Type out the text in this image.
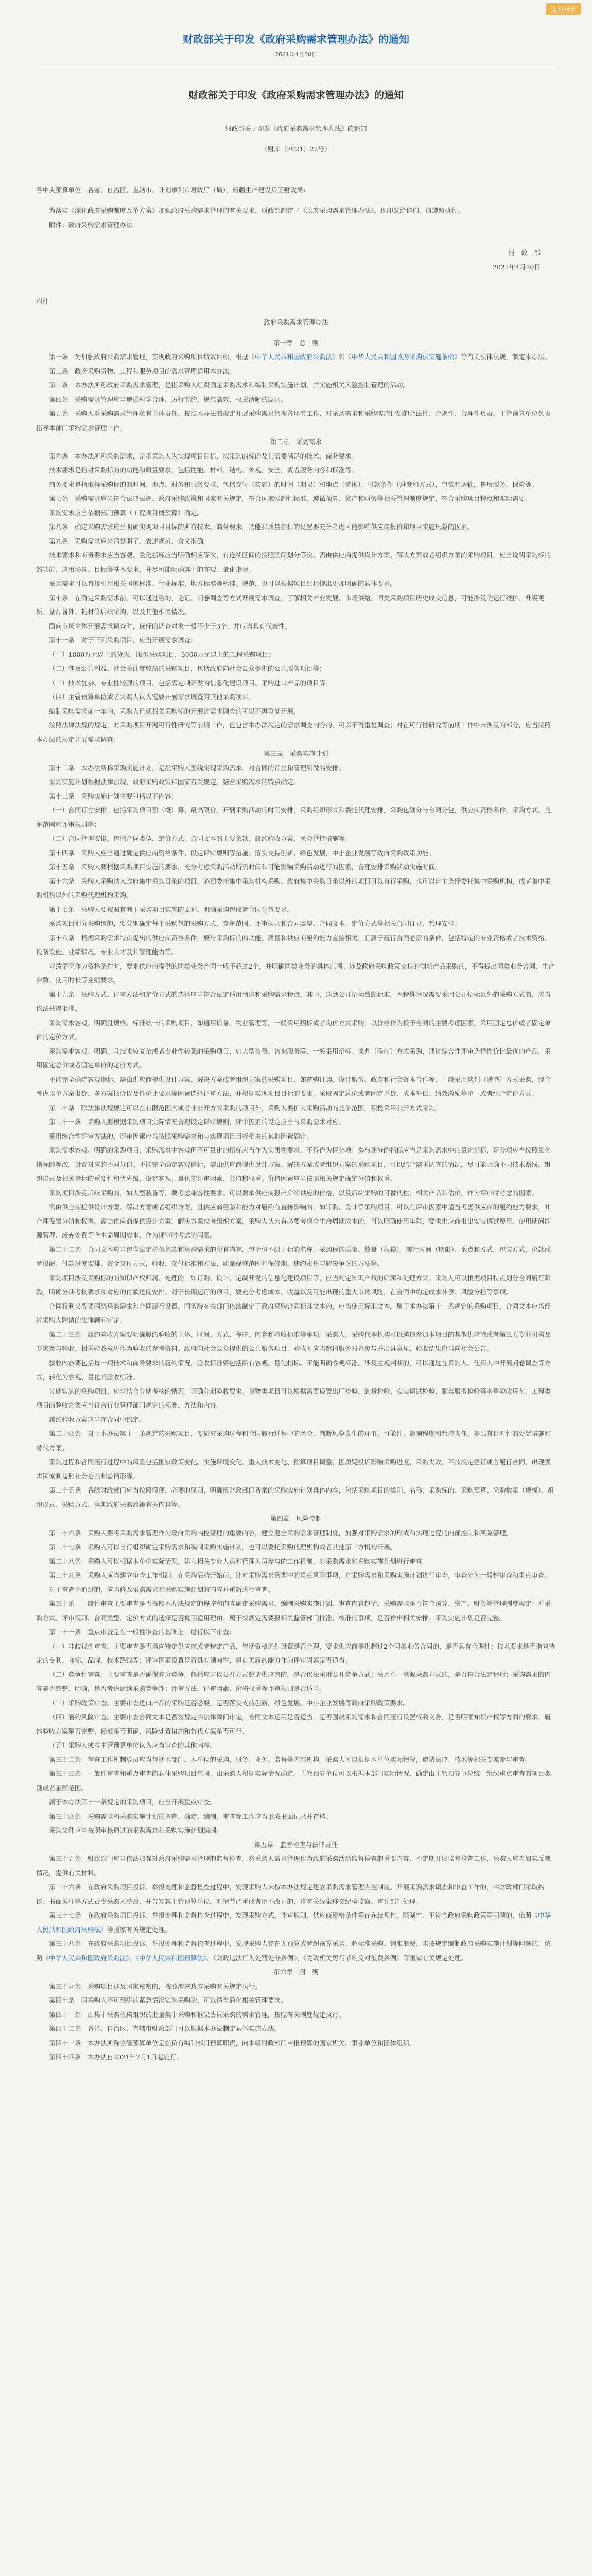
返回列表
财政部关于印发《政府采购需求管理办法》的通知
2021年4月30日
财政部关于印发《政府采购需求管理办法》的通知

财政部关于印发《政府采购需求管理办法》的通知

（财库〔2021〕22号）

各中央预算单位，各省、自治区、直辖市、计划单列市财政厅（局），新疆生产建设兵团财政局：

为落实《深化政府采购制度改革方案》加强政府采购需求管理的有关要求，财政部制定了《政府采购需求管理办法》。现印发给你们，请遵照执行。

附件：政府采购需求管理办法

财　政　部

2021年4月30日

附件

政府采购需求管理办法

第一章　总　则

第一条　为加强政府采购需求管理，实现政府采购项目绩效目标，根据《中华人民共和国政府采购法》和《中华人民共和国政府采购法实施条例》等有关法律法规，制定本办法。

第二条　政府采购货物、工程和服务项目的需求管理适用本办法。

第三条　本办法所称政府采购需求管理，是指采购人组织确定采购需求和编制采购实施计划，并实施相关风险控制管理的活动。

第四条　采购需求管理应当遵循科学合理、厉行节约、规范高效、权责清晰的原则。

第五条　采购人对采购需求管理负有主体责任，按照本办法的规定开展采购需求管理各环节工作，对采购需求和采购实施计划的合法性、合规性、合理性负责。主管预算单位负责指导本部门采购需求管理工作。

第二章　采购需求

第六条　本办法所称采购需求，是指采购人为实现项目目标，拟采购的标的及其需要满足的技术、商务要求。

技术要求是指对采购标的的功能和质量要求，包括性能、材料、结构、外观、安全，或者服务内容和标准等。

商务要求是指取得采购标的的时间、地点、财务和服务要求，包括交付（实施）的时间（期限）和地点（范围），付款条件（进度和方式），包装和运输，售后服务，保险等。

第七条　采购需求应当符合法律法规、政府采购政策和国家有关规定，符合国家强制性标准，遵循预算、资产和财务等相关管理制度规定，符合采购项目特点和实际需要。

采购需求应当依据部门预算（工程项目概预算）确定。

第八条　确定采购需求应当明确实现项目目标的所有技术、商务要求，功能和质量指标的设置要充分考虑可能影响供应商报价和项目实施风险的因素。

第九条　采购需求应当清楚明了、表述规范、含义准确。

技术要求和商务要求应当客观，量化指标应当明确相应等次，有连续区间的按照区间划分等次。需由供应商提供设计方案、解决方案或者组织方案的采购项目，应当说明采购标的的功能、应用场景、目标等基本要求，并尽可能明确其中的客观、量化指标。

采购需求可以直接引用相关国家标准、行业标准、地方标准等标准、规范，也可以根据项目目标提出更加明确的具体要求。

第十条　在确定采购需求前，可以通过咨询、论证、问卷调查等方式开展需求调查，了解相关产业发展、市场供给、同类采购项目历史成交信息，可能涉及的运行维护、升级更新、备品备件、耗材等后续采购，以及其他相关情况。

面向市场主体开展需求调查时，选择的调查对象一般不少于3个，并应当具有代表性。

第十一条　对于下列采购项目，应当开展需求调查：

（一）1000万元以上的货物、服务采购项目，3000万元以上的工程采购项目；

（二）涉及公共利益、社会关注度较高的采购项目，包括政府向社会公众提供的公共服务项目等；

（三）技术复杂、专业性较强的项目，包括需定制开发的信息化建设项目、采购进口产品的项目等；

（四）主管预算单位或者采购人认为需要开展需求调查的其他采购项目。

编制采购需求前一年内，采购人已就相关采购标的开展过需求调查的可以不再重复开展。

按照法律法规的规定，对采购项目开展可行性研究等前期工作，已包含本办法规定的需求调查内容的，可以不再重复调查；对在可行性研究等前期工作中未涉及的部分，应当按照本办法的规定开展需求调查。

第三章　采购实施计划

第十二条　本办法所称采购实施计划，是指采购人围绕实现采购需求，对合同的订立和管理所做的安排。

采购实施计划根据法律法规、政府采购政策和国家有关规定，结合采购需求的特点确定。

第十三条　采购实施计划主要包括以下内容：

（一）合同订立安排，包括采购项目预（概）算、最高限价，开展采购活动的时间安排，采购组织形式和委托代理安排，采购包划分与合同分包，供应商资格条件，采购方式、竞争范围和评审规则等；

（二）合同管理安排，包括合同类型、定价方式、合同文本的主要条款、履约验收方案、风险管控措施等。

第十四条　采购人应当通过确定供应商资格条件、设定评审规则等措施，落实支持创新、绿色发展、中小企业发展等政府采购政策功能。

第十五条　采购人要根据采购项目实施的要求，充分考虑采购活动所需时间和可能影响采购活动进行的因素，合理安排采购活动实施时间。

第十六条　采购人采购纳入政府集中采购目录的项目，必须委托集中采购机构采购。政府集中采购目录以外的项目可以自行采购，也可以自主选择委托集中采购机构，或者集中采购机构以外的采购代理机构采购。

第十七条　采购人要按照有利于采购项目实施的原则，明确采购包或者合同分包要求。

采购项目划分采购包的，要分别确定每个采购包的采购方式、竞争范围、评审规则和合同类型、合同文本、定价方式等相关合同订立、管理安排。

第十八条　根据采购需求特点提出的供应商资格条件，要与采购标的的功能、质量和供应商履约能力直接相关，且属于履行合同必需的条件，包括特定的专业资格或者技术资格、设备设施、业绩情况、专业人才及其管理能力等。

业绩情况作为资格条件时，要求供应商提供的同类业务合同一般不超过2个，并明确同类业务的具体范围。涉及政府采购政策支持的创新产品采购的，不得提出同类业务合同、生产台数、使用时长等业绩要求。

第十九条　采购方式、评审方法和定价方式的选择应当符合法定适用情形和采购需求特点，其中，达到公开招标数额标准，因特殊情况需要采用公开招标以外的采购方式的，应当依法获得批准。

采购需求客观、明确且规格、标准统一的采购项目，如通用设备、物业管理等，一般采用招标或者询价方式采购，以价格作为授予合同的主要考虑因素，采用固定总价或者固定单价的定价方式。

采购需求客观、明确，且技术较复杂或者专业性较强的采购项目，如大型装备、咨询服务等，一般采用招标、谈判（磋商）方式采购，通过综合性评审选择性价比最优的产品，采用固定总价或者固定单价的定价方式。

不能完全确定客观指标，需由供应商提供设计方案、解决方案或者组织方案的采购项目，如首购订购、设计服务、政府和社会资本合作等，一般采用谈判（磋商）方式采购，综合考虑以单方案报价、多方案报价以及性价比要求等因素选择评审方法，并根据实现项目目标的要求，采取固定总价或者固定单价、成本补偿、绩效激励等单一或者组合定价方式。

第二十条　除法律法规规定可以在有限范围内或者非公开方式采购的项目外，采购人要扩大采购活动的竞争范围，积极采用公开方式采购。

第二十一条　采购人要根据采购项目实际情况合理设定评审规则，评审因素的设定应当与采购需求对应。

采用综合性评审方法的，评审因素应当按照采购需求和与实现项目目标相关的其他因素确定。

采购需求客观、明确的采购项目，采购需求中客观但不可量化的指标应当作为实质性要求，不得作为评分项；参与评分的指标应当是采购需求中的量化指标，评分项应当按照量化指标的等次，设置对应的不同分值。不能完全确定客观指标，需由供应商提供设计方案、解决方案或者组织方案的采购项目，可以结合需求调查的情况，尽可能明确不同技术路线、组织形式及相关指标的重要性和优先级，设定客观、量化的评审因素、分值和权重。价格因素应当按照相关规定确定分值和权重。

采购项目涉及后续采购的，如大型装备等，要考虑兼容性要求。可以要求供应商报出后续供应的价格，以及后续采购的可替代性、相关产品和估价，作为评审时考虑的因素。

需由供应商提供设计方案、解决方案或者组织方案，且供应商经验和能力对履约有直接影响的，如订购、设计等采购项目，可以在评审因素中适当考虑供应商的履约能力要求，并合理设置分值和权重。需由供应商提供设计方案、解决方案或者组织方案，采购人认为有必要考虑全生命周期成本的，可以明确使用年限，要求供应商报出安装调试费用、使用期间能源管理、废弃处置等全生命周期成本，作为评审时考虑的因素。

第二十二条　合同文本应当包含法定必备条款和采购需求的所有内容，包括但不限于标的名称，采购标的质量、数量（规模），履行时间（期限）、地点和方式，包装方式，价款或者报酬、付款进度安排、资金支付方式，验收、交付标准和方法，质量保修范围和保修期，违约责任与解决争议的方法等。

采购项目涉及采购标的的知识产权归属、处理的，如订购、设计、定制开发的信息化建设项目等，应当约定知识产权的归属和处理方式。采购人可以根据项目特点划分合同履行阶段，明确分期考核要求和对应的付款进度安排。对于长期运行的项目，要充分考虑成本、收益以及可能出现的重大市场风险，在合同中约定成本补偿、风险分担等事项。

合同权利义务要围绕采购需求和合同履行设置。国务院有关部门依法制定了政府采购合同标准文本的，应当使用标准文本。属于本办法第十一条规定的采购项目，合同文本应当经过采购人聘请的法律顾问审定。

第二十三条　履约验收方案要明确履约验收的主体、时间、方式、程序、内容和验收标准等事项。采购人、采购代理机构可以邀请参加本项目的其他供应商或者第三方专业机构及专家参与验收，相关验收意见作为验收的参考资料。政府向社会公众提供的公共服务项目，验收时应当邀请服务对象参与并出具意见，验收结果应当向社会公告。

验收内容要包括每一项技术和商务要求的履约情况，验收标准要包括所有客观、量化指标。不能明确客观标准、涉及主观判断的，可以通过在采购人、使用人中开展问卷调查等方式，转化为客观、量化的验收标准。

分期实施的采购项目，应当结合分期考核的情况，明确分期验收要求。货物类项目可以根据需要设置出厂检验、到货检验、安装调试检验、配套服务检验等多重验收环节。工程类项目的验收方案应当符合行业管理部门规定的标准、方法和内容。

履约验收方案应当在合同中约定。

第二十四条　对于本办法第十一条规定的采购项目，要研究采购过程和合同履行过程中的风险，判断风险发生的环节、可能性、影响程度和管控责任，提出有针对性的处置措施和替代方案。

采购过程和合同履行过程中的风险包括国家政策变化、实施环境变化、重大技术变化、预算项目调整、因质疑投诉影响采购进度、采购失败、不按规定签订或者履行合同、出现损害国家利益和社会公共利益情形等。

第二十五条　各级财政部门应当按照简便、必要的原则，明确报财政部门备案的采购实施计划具体内容，包括采购项目的类别、名称、采购标的、采购预算、采购数量（规模）、组织形式、采购方式、落实政府采购政策有关内容等。

第四章　风险控制

第二十六条　采购人要将采购需求管理作为政府采购内控管理的重要内容，建立健全采购需求管理制度，加强对采购需求的形成和实现过程的内部控制和风险管理。

第二十七条　采购人可以自行组织确定采购需求和编制采购实施计划，也可以委托采购代理机构或者其他第三方机构开展。

第二十八条　采购人可以根据本单位实际情况，建立相关专业人员和管理人员参与的工作机制，对采购需求和采购实施计划进行审查。

第二十九条　采购人应当建立审查工作机制，在采购活动开始前，针对采购需求管理中的重点风险事项，对采购需求和采购实施计划进行审查，审查分为一般性审查和重点审查。

对于审查不通过的，应当修改采购需求和采购实施计划的内容并重新进行审查。

第三十条　一般性审查主要审查是否按照本办法规定的程序和内容确定采购需求、编制采购实施计划。审查内容包括，采购需求是否符合预算、资产、财务等管理制度规定；对采购方式、评审规则、合同类型、定价方式的选择是否说明适用理由；属于按规定需要报相关监管部门批准、核准的事项，是否作出相关安排；采购实施计划是否完整。

第三十一条　重点审查是在一般性审查的基础上，进行以下审查：

（一）非歧视性审查。主要审查是否指向特定供应商或者特定产品，包括资格条件设置是否合理，要求供应商提供超过2个同类业务合同的，是否具有合理性；技术要求是否指向特定的专利、商标、品牌、技术路线等；评审因素设置是否具有倾向性，将有关履约能力作为评审因素是否适当。

（二）竞争性审查。主要审查是否确保充分竞争，包括应当以公开方式邀请供应商的，是否依法采用公开竞争方式；采用单一来源采购方式的，是否符合法定情形；采购需求的内容是否完整、明确，是否考虑后续采购竞争性；评审方法、评审因素、价格权重等评审规则是否适当。

（三）采购政策审查。主要审查进口产品的采购是否必要，是否落实支持创新、绿色发展、中小企业发展等政府采购政策要求。

（四）履约风险审查。主要审查合同文本是否按规定由法律顾问审定，合同文本运用是否适当，是否围绕采购需求和合同履行设置权利义务，是否明确知识产权等方面的要求，履约验收方案是否完整、标准是否明确，风险处置措施和替代方案是否可行。

（五）采购人或者主管预算单位认为应当审查的其他内容。

第三十二条　审查工作机制成员应当包括本部门、本单位的采购、财务、业务、监督等内部机构。采购人可以根据本单位实际情况，邀请法律、技术等相关专家参与审查。

第三十三条　一般性审查和重点审查的具体采购项目范围，由采购人根据实际情况确定。主管预算单位可以根据本部门实际情况，确定由主管预算单位统一组织重点审查的项目类别或者金额范围。

属于本办法第十一条规定的采购项目，应当开展重点审查。

第三十四条　采购需求和采购实施计划的调查、确定、编制、审查等工作应当形成书面记录并存档。

采购文件应当按照审核通过的采购需求和采购实施计划编制。

第五章　监督检查与法律责任

第三十五条　财政部门应当依法加强对政府采购需求管理的监督检查，将采购人需求管理作为政府采购活动监督检查的重要内容，不定期开展监督检查工作，采购人应当如实反映情况，提供有关材料。

第三十六条　在政府采购项目投诉、举报处理和监督检查过程中，发现采购人未按本办法规定建立采购需求管理内控制度、开展采购需求调查和审查工作的，由财政部门采取约谈、书面关注等方式责令采购人整改，并告知其主管预算单位。对情节严重或者拒不改正的，将有关线索移交纪检监察、审计部门处理。

第三十七条　在政府采购项目投诉、举报处理和监督检查过程中，发现采购方式、评审规则、供应商资格条件等存在歧视性、限制性、不符合政府采购政策等问题的，依照《中华人民共和国政府采购法》等国家有关规定处理。

第三十八条　在政府采购项目投诉、举报处理和监督检查过程中，发现采购人存在无预算或者超预算采购、超标准采购、铺张浪费、未按规定编制政府采购实施计划等问题的，依照《中华人民共和国政府采购法》、《中华人民共和国预算法》、《财政违法行为处罚处分条例》、《党政机关厉行节约反对浪费条例》等国家有关规定处理。

第六章　附　则

第三十九条　采购项目涉及国家秘密的，按照涉密政府采购有关规定执行。

第四十条　因采购人不可预见的紧急情况实施采购的，可以适当简化相关管理要求。

第四十一条　由集中采购机构组织的批量集中采购和框架协议采购的需求管理，按照有关制度规定执行。

第四十二条　各省、自治区、直辖市财政部门可以根据本办法制定具体实施办法。

第四十三条　本办法所称主管预算单位是指负有编制部门预算职责，向本级财政部门申报预算的国家机关、事业单位和团体组织。

第四十四条　本办法自2021年7月1日起施行。
